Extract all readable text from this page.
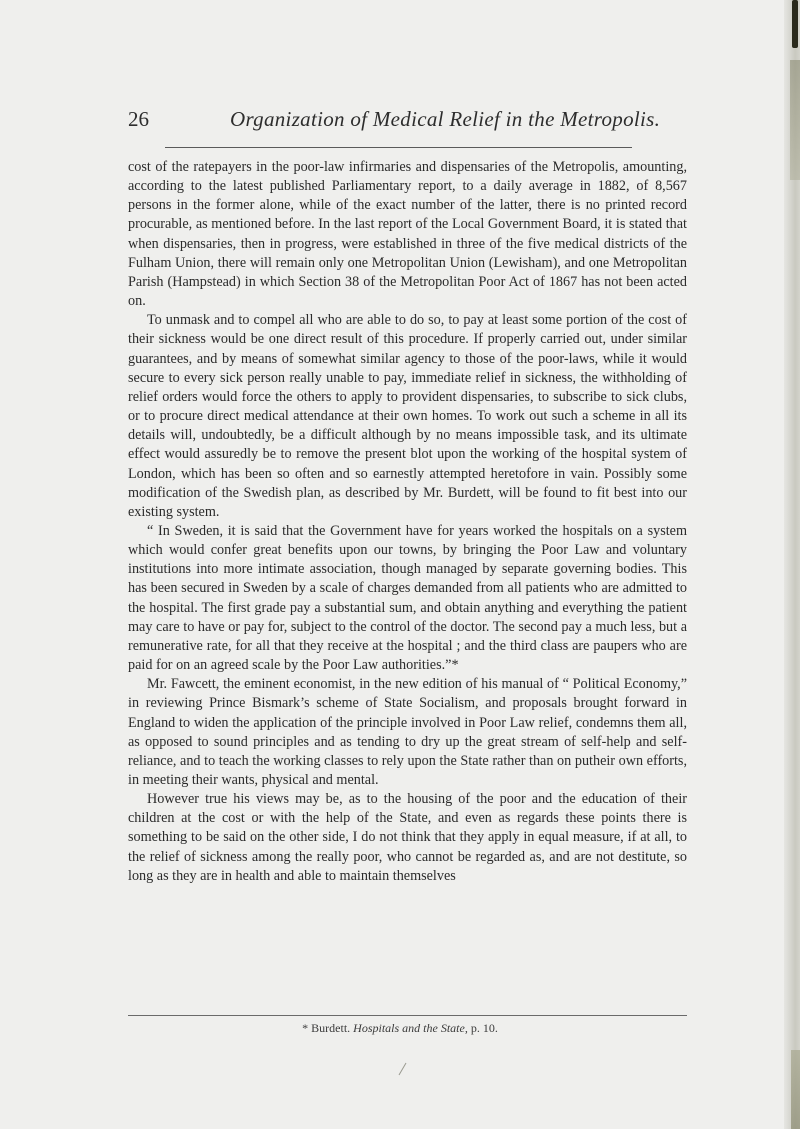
26	Organization of Medical Relief in the Metropolis.

cost of the ratepayers in the poor-law infirmaries and dispensaries of the Metropolis, amounting, according to the latest published Parliamentary report, to a daily average in 1882, of 8,567 persons in the former alone, while of the exact number of the latter, there is no printed record procurable, as mentioned before. In the last report of the Local Government Board, it is stated that when dispensaries, then in progress, were established in three of the five medical districts of the Fulham Union, there will remain only one Metropolitan Union (Lewisham), and one Metropolitan Parish (Hampstead) in which Section 38 of the Metropolitan Poor Act of 1867 has not been acted on.

To unmask and to compel all who are able to do so, to pay at least some portion of the cost of their sickness would be one direct result of this procedure. If properly carried out, under similar guarantees, and by means of somewhat similar agency to those of the poor-laws, while it would secure to every sick person really unable to pay, immediate relief in sickness, the withholding of relief orders would force the others to apply to provident dispensaries, to subscribe to sick clubs, or to procure direct medical attendance at their own homes. To work out such a scheme in all its details will, undoubtedly, be a difficult although by no means impossible task, and its ultimate effect would assuredly be to remove the present blot upon the working of the hospital system of London, which has been so often and so earnestly attempted heretofore in vain. Possibly some modification of the Swedish plan, as described by Mr. Burdett, will be found to fit best into our existing system.

“ In Sweden, it is said that the Government have for years worked the hospitals on a system which would confer great benefits upon our towns, by bringing the Poor Law and voluntary institutions into more intimate association, though managed by separate governing bodies. This has been secured in Sweden by a scale of charges demanded from all patients who are admitted to the hospital. The first grade pay a substantial sum, and obtain anything and everything the patient may care to have or pay for, subject to the control of the doctor. The second pay a much less, but a remunerative rate, for all that they receive at the hospital ; and the third class are paupers who are paid for on an agreed scale by the Poor Law authorities.”*

Mr. Fawcett, the eminent economist, in the new edition of his manual of “ Political Economy,” in reviewing Prince Bismark’s scheme of State Socialism, and proposals brought forward in England to widen the application of the principle involved in Poor Law relief, condemns them all, as opposed to sound principles and as tending to dry up the great stream of self-help and self-reliance, and to teach the working classes to rely upon the State rather than on putheir own efforts, in meeting their wants, physical and mental.

However true his views may be, as to the housing of the poor and the education of their children at the cost or with the help of the State, and even as regards these points there is something to be said on the other side, I do not think that they apply in equal measure, if at all, to the relief of sickness among the really poor, who cannot be regarded as, and are not destitute, so long as they are in health and able to maintain themselves

* Burdett. Hospitals and the State, p. 10.
